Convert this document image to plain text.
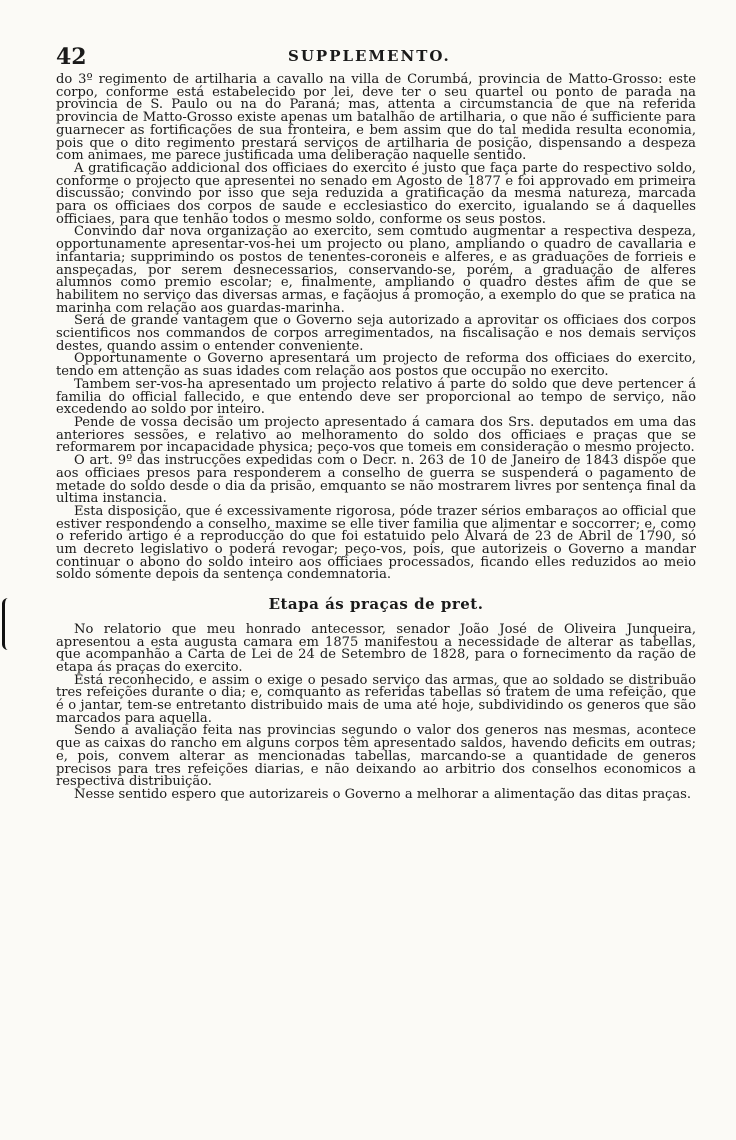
42	SUPPLEMENTO.

do 3º regimento de artilharia a cavallo na villa de Corumbá, provincia de Matto-Grosso: este corpo, conforme está estabelecido por lei, deve ter o seu quartel ou ponto de parada na provincia de S. Paulo ou na do Paraná; mas, attenta a circumstancia de que na referida provincia de Matto-Grosso existe apenas um batalhão de artilharia, o que não é sufficiente para guarnecer as fortificações de sua fronteira, e bem assim que do tal medida resulta economia, pois que o dito regimento prestará serviços de artilharia de posição, dispensando a despeza com animaes, me parece justificada uma deliberação naquelle sentido.

A gratificação addicional dos officiaes do exercito é justo que faça parte do respectivo soldo, conforme o projecto que apresentei no senado em Agosto de 1877 e foi approvado em primeira discussão; convindo por isso que seja reduzida a gratificação da mesma natureza, marcada para os officiaes dos corpos de saude e ecclesiastico do exercito, igualando se á daquelles officiaes, para que tenhão todos o mesmo soldo, conforme os seus postos.

Convindo dar nova organização ao exercito, sem comtudo augmentar a respectiva despeza, opportunamente apresentar-vos-hei um projecto ou plano, ampliando o quadro de cavallaria e infantaria; supprimindo os postos de tenentes-coroneis e alferes, e as graduações de forrieis e anspeçadas, por serem desnecessarios, conservando-se, porém, a graduação de alferes alumnos como premio escolar; e, finalmente, ampliando o quadro destes afim de que se habilitem no serviço das diversas armas, e façãojus á promoção, a exemplo do que se pratica na marinha com relação aos guardas-marinha.

Será de grande vantagem que o Governo seja autorizado a aprovitar os officiaes dos corpos scientificos nos commandos de corpos arregimentados, na fiscalisação e nos demais serviços destes, quando assim o entender conveniente.

Opportunamente o Governo apresentará um projecto de reforma dos officiaes do exercito, tendo em attenção as suas idades com relação aos postos que occupão no exercito.

Tambem ser-vos-ha apresentado um projecto relativo á parte do soldo que deve pertencer á familia do official fallecido, e que entendo deve ser proporcional ao tempo de serviço, não excedendo ao soldo por inteiro.

Pende de vossa decisão um projecto apresentado á camara dos Srs. deputados em uma das anteriores sessões, e relativo ao melhoramento do soldo dos officiaes e praças que se reformarem por incapacidade physica; peço-vos que tomeis em consideração o mesmo projecto.

O art. 9º das instrucções expedidas com o Decr. n. 263 de 10 de Janeiro de 1843 dispõe que aos officiaes presos para responderem a conselho de guerra se suspenderá o pagamento de metade do soldo desde o dia da prisão, emquanto se não mostrarem livres por sentença final da ultima instancia.

Esta disposição, que é excessivamente rigorosa, póde trazer sérios embaraços ao official que estiver respondendo a conselho, maxime se elle tiver familia que alimentar e soccorrer; e, como o referido artigo é a reproducção do que foi estatuido pelo Alvará de 23 de Abril de 1790, só um decreto legislativo o poderá revogar; peço-vos, pois, que autorizeis o Governo a mandar continuar o abono do soldo inteiro aos officiaes processados, ficando elles reduzidos ao meio soldo sómente depois da sentença condemnatoria.

Etapa ás praças de pret.

No relatorio que meu honrado antecessor, senador João José de Oliveira Junqueira, apresentou a esta augusta camara em 1875 manifestou a necessidade de alterar as tabellas, que acompanhão a Carta de Lei de 24 de Setembro de 1828, para o fornecimento da ração de etapa ás praças do exercito.

Está reconhecido, e assim o exige o pesado serviço das armas, que ao soldado se distribuão tres refeições durante o dia; e, comquanto as referidas tabellas só tratem de uma refeição, que é o jantar, tem-se entretanto distribuido mais de uma até hoje, subdividindo os generos que são marcados para aquella.

Sendo a avaliação feita nas provincias segundo o valor dos generos nas mesmas, acontece que as caixas do rancho em alguns corpos têm apresentado saldos, havendo deficits em outras; e, pois, convem alterar as mencionadas tabellas, marcando-se a quantidade de generos precisos para tres refeições diarias, e não deixando ao arbitrio dos conselhos economicos a respectiva distribuição.

Nesse sentido espero que autorizareis o Governo a melhorar a alimentação das ditas praças.
